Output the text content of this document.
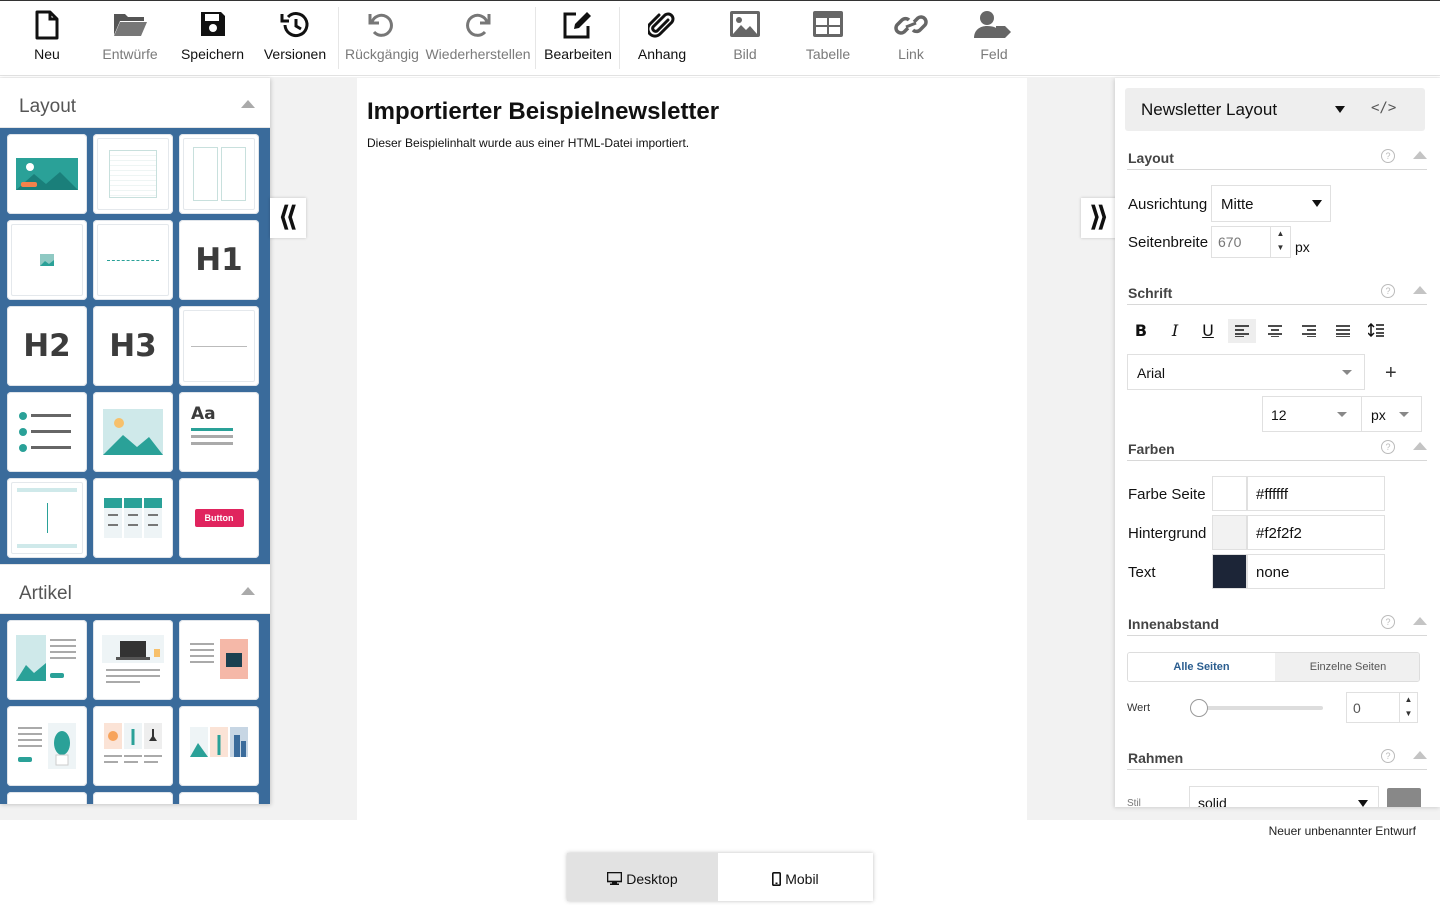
Neu	Entwürfe Speichern Versionen Rückgängig Wiederherstellen Bearbeiten	Anhang	Bild	Tabelle	Link	Feld
Layout
H1
H2 H3
Aa
Button
Artikel
⟪
Importierter Beispielnewsletter

Dieser Beispielinhalt wurde aus einer HTML-Datei importiert.

⟫
Newsletter Layout	</>
Layout	?
Ausrichtung Mitte
Seitenbreite 670
▲
▼ px
Schrift	?
B	I	U
Arial	+
12	px
Farben	?
Farbe Seite	#ffffff
Hintergrund	#f2f2f2
Text	none
Innenabstand	?
Alle Seiten	Einzelne Seiten
Wert	0
▲
▼
Rahmen	?
Stil	solid
Neuer unbenannter Entwurf
Desktop	Mobil
